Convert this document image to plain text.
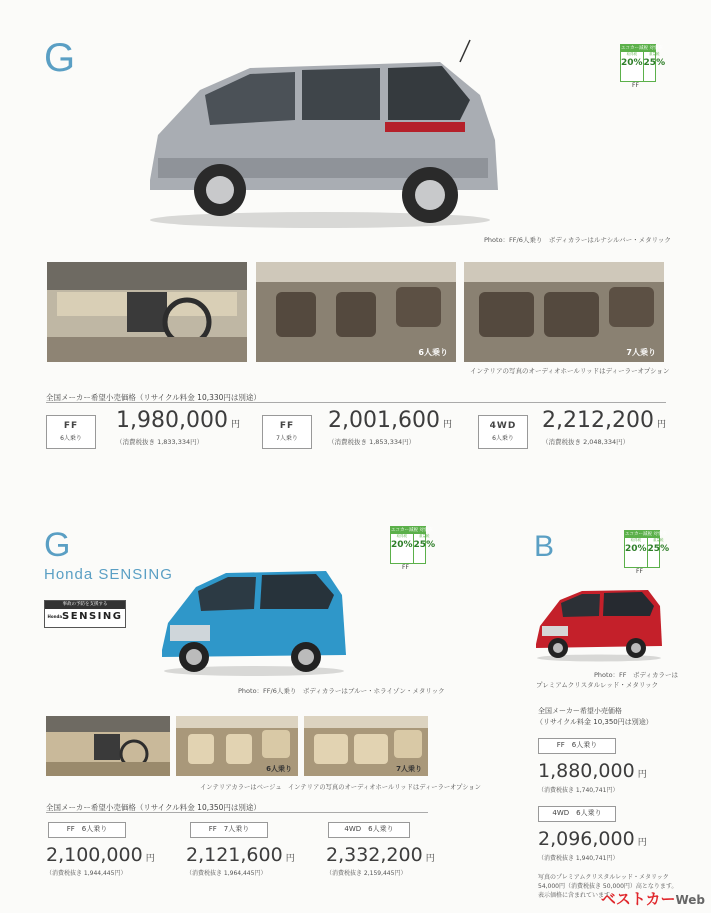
G	エコカー減税 対象車
取得税
20%
重量税
25%
FF
Photo：FF/6人乗り　ボディカラーはルナシルバー・メタリック
6人乗り	7人乗り
インテリアの写真のオーディオホールリッドはディーラーオプション
全国メーカー希望小売価格（リサイクル料金 10,330円は別途）
FF
6人乗り
1,980,000 円
（消費税抜き 1,833,334円）
FF
7人乗り
2,001,600 円
（消費税抜き 1,853,334円）
4WD
6人乗り
2,212,200 円
（消費税抜き 2,048,334円）
G
Honda SENSING
事故の予防を支援する
$^{Honda}$SENSING
エコカー減税 対象車
取得税
20%
重量税
25%
FF
Photo：FF/6人乗り　ボディカラーはブルー・ホライゾン・メタリック
6人乗り	7人乗り
インテリアカラーはベージュ　インテリアの写真のオーディオホールリッドはディーラーオプション
全国メーカー希望小売価格（リサイクル料金 10,350円は別途）
FF　6人乗り
2,100,000 円
（消費税抜き 1,944,445円）
FF　7人乗り
2,121,600 円
（消費税抜き 1,964,445円）
4WD　6人乗り
2,332,200 円
（消費税抜き 2,159,445円）
B	エコカー減税 対象車
取得税
20%
重量税
25%
FF
Photo：FF　ボディカラーは
プレミアムクリスタルレッド・メタリック
全国メーカー希望小売価格
（リサイクル料金 10,350円は別途）
FF　6人乗り
1,880,000 円
（消費税抜き 1,740,741円）
4WD　6人乗り
2,096,000 円
（消費税抜き 1,940,741円）
写真のプレミアムクリスタルレッド・メタリック
54,000円（消費税抜き 50,000円）高となります。
表示価格に含まれています。
ベストカーWeb
